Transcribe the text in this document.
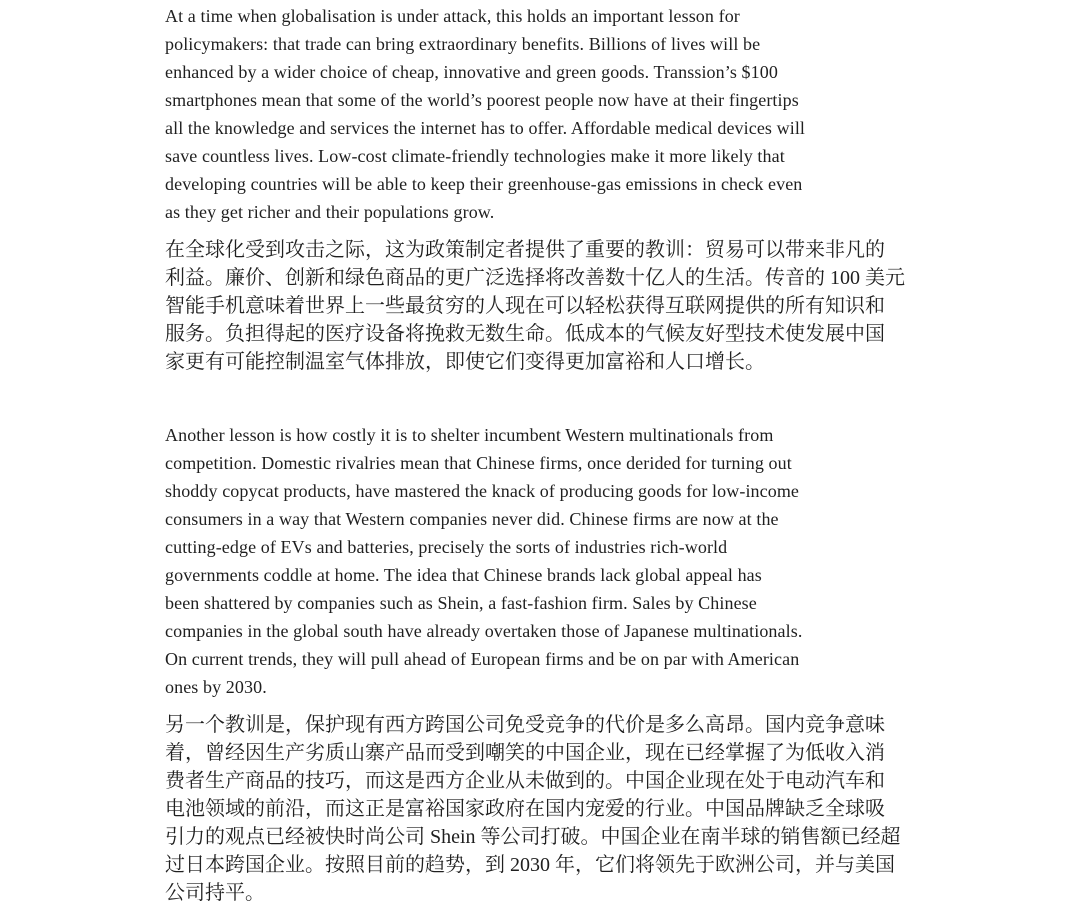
At a time when globalisation is under attack, this holds an important lesson for
policymakers: that trade can bring extraordinary benefits. Billions of lives will be
enhanced by a wider choice of cheap, innovative and green goods. Transsion’s $100
smartphones mean that some of the world’s poorest people now have at their fingertips
all the knowledge and services the internet has to offer. Affordable medical devices will
save countless lives. Low-cost climate-friendly technologies make it more likely that
developing countries will be able to keep their greenhouse-gas emissions in check even
as they get richer and their populations grow.
在全球化受到攻击之际，这为政策制定者提供了重要的教训：贸易可以带来非凡的
利益。廉价、创新和绿色商品的更广泛选择将改善数十亿人的生活。传音的 100 美元
智能手机意味着世界上一些最贫穷的人现在可以轻松获得互联网提供的所有知识和
服务。负担得起的医疗设备将挽救无数生命。低成本的气候友好型技术使发展中国
家更有可能控制温室气体排放，即使它们变得更加富裕和人口增长。
Another lesson is how costly it is to shelter incumbent Western multinationals from
competition. Domestic rivalries mean that Chinese firms, once derided for turning out
shoddy copycat products, have mastered the knack of producing goods for low-income
consumers in a way that Western companies never did. Chinese firms are now at the
cutting-edge of EVs and batteries, precisely the sorts of industries rich-world
governments coddle at home. The idea that Chinese brands lack global appeal has
been shattered by companies such as Shein, a fast-fashion firm. Sales by Chinese
companies in the global south have already overtaken those of Japanese multinationals.
On current trends, they will pull ahead of European firms and be on par with American
ones by 2030.
另一个教训是，保护现有西方跨国公司免受竞争的代价是多么高昂。国内竞争意味
着，曾经因生产劣质山寨产品而受到嘲笑的中国企业，现在已经掌握了为低收入消
费者生产商品的技巧，而这是西方企业从未做到的。中国企业现在处于电动汽车和
电池领域的前沿，而这正是富裕国家政府在国内宠爱的行业。中国品牌缺乏全球吸
引力的观点已经被快时尚公司 Shein 等公司打破。中国企业在南半球的销售额已经超
过日本跨国企业。按照目前的趋势，到 2030 年，它们将领先于欧洲公司，并与美国
公司持平。
